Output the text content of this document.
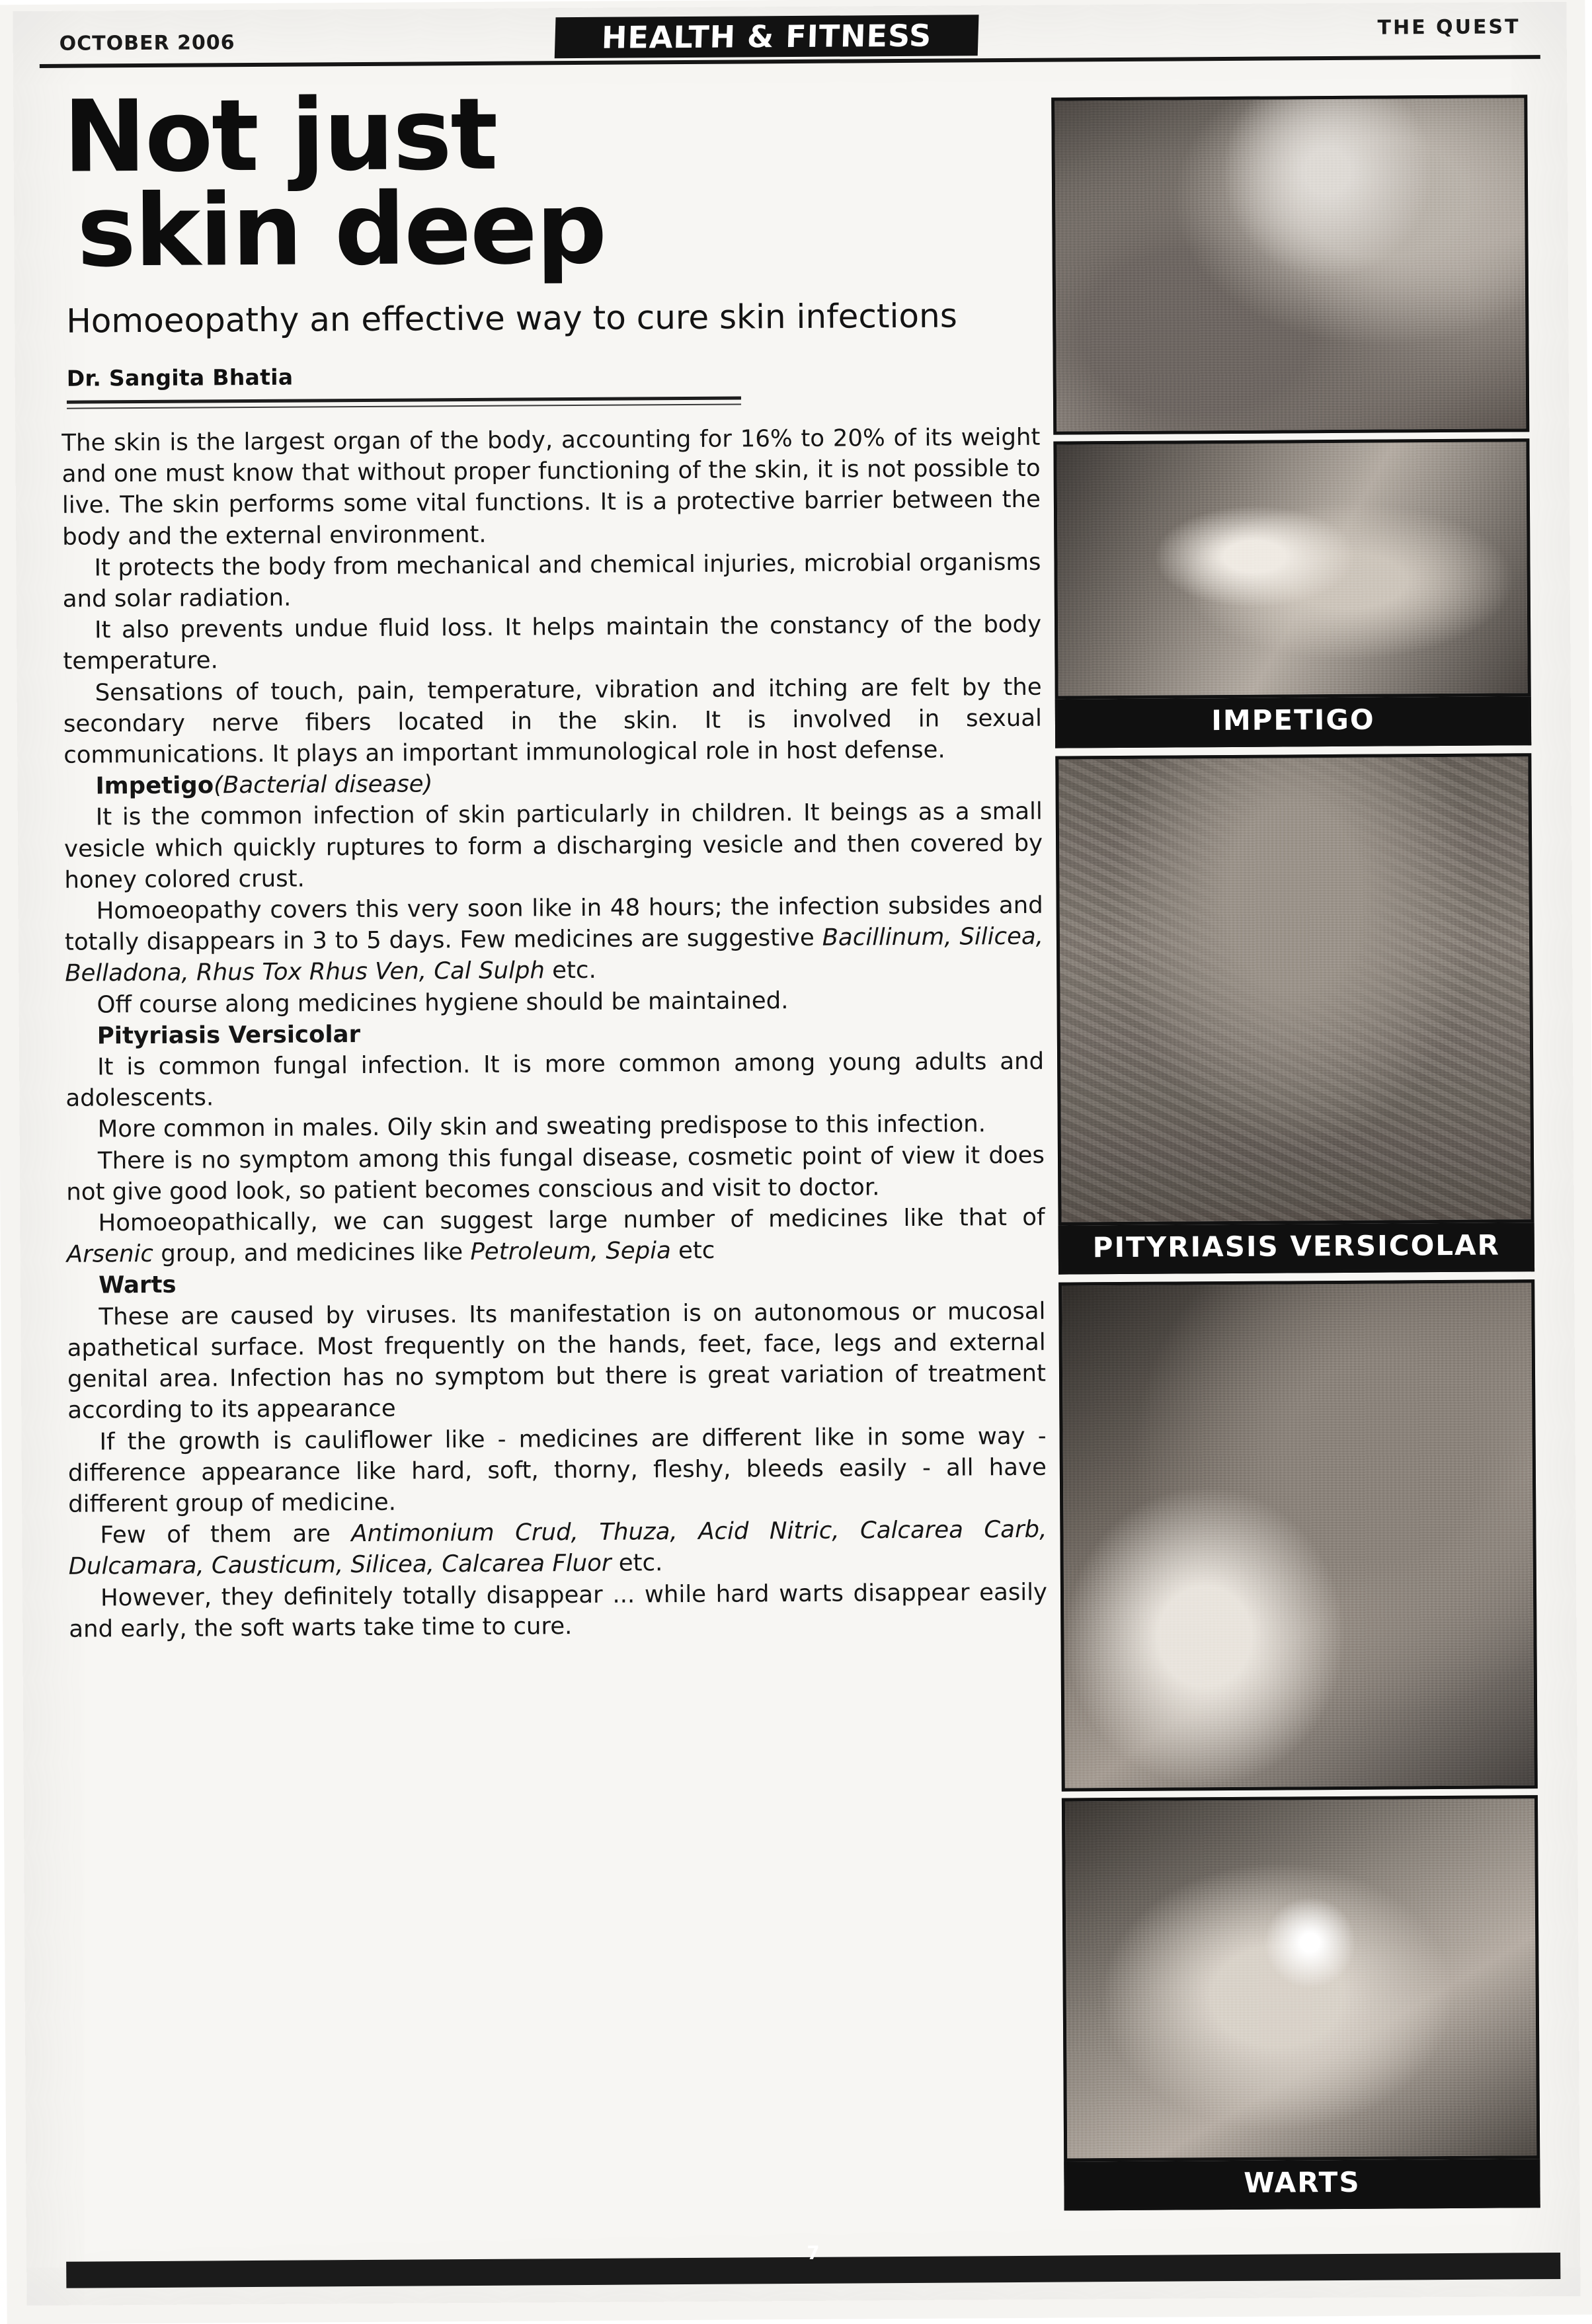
OCTOBER 2006	HEALTH & FITNESS	THE QUEST
Not just
skin deep
Homoeopathy an effective way to cure skin infections
Dr. Sangita Bhatia

The skin is the largest organ of the body, accounting for 16% to 20% of its weight and one must know that without proper functioning of the skin, it is not possible to live. The skin performs some vital functions. It is a protective barrier between the body and the external environment.

It protects the body from mechanical and chemical injuries, microbial organisms and solar radiation.

It also prevents undue fluid loss. It helps maintain the constancy of the body temperature.

Sensations of touch, pain, temperature, vibration and itching are felt by the secondary nerve fibers located in the skin. It is involved in sexual communications. It plays an important immunological role in host defense.

Impetigo(Bacterial disease)

It is the common infection of skin particularly in children. It beings as a small vesicle which quickly ruptures to form a discharging vesicle and then covered by honey colored crust.

Homoeopathy covers this very soon like in 48 hours; the infection subsides and totally disappears in 3 to 5 days. Few medicines are suggestive Bacillinum, Silicea, Belladona, Rhus Tox Rhus Ven, Cal Sulph etc.

Off course along medicines hygiene should be maintained.

Pityriasis Versicolar

It is common fungal infection. It is more common among young adults and adolescents.

More common in males. Oily skin and sweating predispose to this infection.

There is no symptom among this fungal disease, cosmetic point of view it does not give good look, so patient becomes conscious and visit to doctor.

Homoeopathically, we can suggest large number of medicines like that of Arsenic group, and medicines like Petroleum, Sepia etc

Warts

These are caused by viruses. Its manifestation is on autonomous or mucosal apathetical surface. Most frequently on the hands, feet, face, legs and external genital area. Infection has no symptom but there is great variation of treatment according to its appearance

If the growth is cauliflower like - medicines are different like in some way - difference appearance like hard, soft, thorny, fleshy, bleeds easily - all have different group of medicine.

Few of them are Antimonium Crud, Thuza, Acid Nitric, Calcarea Carb, Dulcamara, Causticum, Silicea, Calcarea Fluor etc.

However, they definitely totally disappear ... while hard warts disappear easily and early, the soft warts take time to cure.

IMPETIGO
PITYRIASIS VERSICOLAR
WARTS
7
